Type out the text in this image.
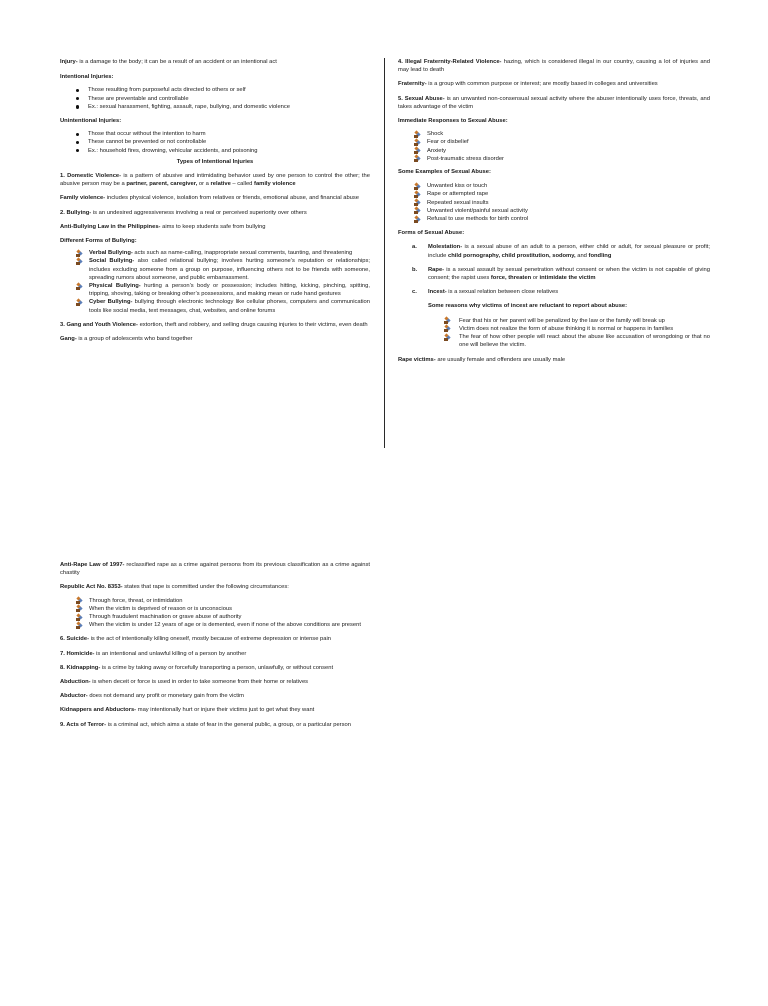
Injury- is a damage to the body; it can be a result of an accident or an intentional act

Intentional Injuries:

Those resulting from purposeful acts directed to others or self
These are preventable and controllable
Ex.: sexual harassment, fighting, assault, rape, bullying, and domestic violence

Unintentional Injuries:

Those that occur without the intention to harm
These cannot be prevented or not controllable
Ex.: household fires, drowning, vehicular accidents, and poisoning

Types of Intentional Injuries

1. Domestic Violence- is a pattern of abusive and intimidating behavior used by one person to control the other; the abusive person may be a partner, parent, caregiver, or a relative – called family violence

Family violence- includes physical violence, isolation from relatives or friends, emotional abuse, and financial abuse

2. Bullying- is an undesired aggressiveness involving a real or perceived superiority over others

Anti-Bullying Law in the Philippines- aims to keep students safe from bullying

Different Forms of Bullying:

Verbal Bullying- acts such as name-calling, inappropriate sexual comments, taunting, and threatening
Social Bullying- also called relational bullying; involves hurting someone’s reputation or relationships; includes excluding someone from a group on purpose, influencing others not to be friends with someone, spreading rumors about someone, and public embarrassment.
Physical Bullying- hurting a person’s body or possession; includes hitting, kicking, pinching, spitting, tripping, shoving, taking or breaking other’s possessions, and making mean or rude hand gestures
Cyber Bullying- bullying through electronic technology like cellular phones, computers and communication tools like social media, text messages, chat, websites, and online forums

3. Gang and Youth Violence- extortion, theft and robbery, and selling drugs causing injuries to their victims, even death

Gang- is a group of adolescents who band together

4. Illegal Fraternity-Related Violence- hazing, which is considered illegal in our country, causing a lot of injuries and may lead to death

Fraternity- is a group with common purpose or interest; are mostly based in colleges and universities

5. Sexual Abuse- is an unwanted non-consensual sexual activity where the abuser intentionally uses force, threats, and takes advantage of the victim

Immediate Responses to Sexual Abuse:

Shock
Fear or disbelief
Anxiety
Post-traumatic stress disorder

Some Examples of Sexual Abuse:

Unwanted kiss or touch
Rape or attempted rape
Repeated sexual insults
Unwanted violent/painful sexual activity
Refusal to use methods for birth control

Forms of Sexual Abuse:

a. Molestation- is a sexual abuse of an adult to a person, either child or adult, for sexual pleasure or profit; include child pornography, child prostitution, sodomy, and fondling
b. Rape- is a sexual assault by sexual penetration without consent or when the victim is not capable of giving consent; the rapist uses force, threaten or intimidate the victim
c. Incest- is a sexual relation between close relatives

Some reasons why victims of incest are reluctant to report about abuse:

Fear that his or her parent will be penalized by the law or the family will break up
Victim does not realize the form of abuse thinking it is normal or happens in families
The fear of how other people will react about the abuse like accusation of wrongdoing or that no one will believe the victim.

Rape victims- are usually female and offenders are usually male

Anti-Rape Law of 1997- reclassified rape as a crime against persons from its previous classification as a crime against chastity

Republic Act No. 8353- states that rape is committed under the following circumstances:

Through force, threat, or intimidation
When the victim is deprived of reason or is unconscious
Through fraudulent machination or grave abuse of authority
When the victim is under 12 years of age or is demented, even if none of the above conditions are present

6. Suicide- is the act of intentionally killing oneself, mostly because of extreme depression or intense pain

7. Homicide- is an intentional and unlawful killing of a person by another

8. Kidnapping- is a crime by taking away or forcefully transporting a person, unlawfully, or without consent

Abduction- is when deceit or force is used in order to take someone from their home or relatives

Abductor- does not demand any profit or monetary gain from the victim

Kidnappers and Abductors- may intentionally hurt or injure their victims just to get what they want

9. Acts of Terror- is a criminal act, which aims a state of fear in the general public, a group, or a particular person
